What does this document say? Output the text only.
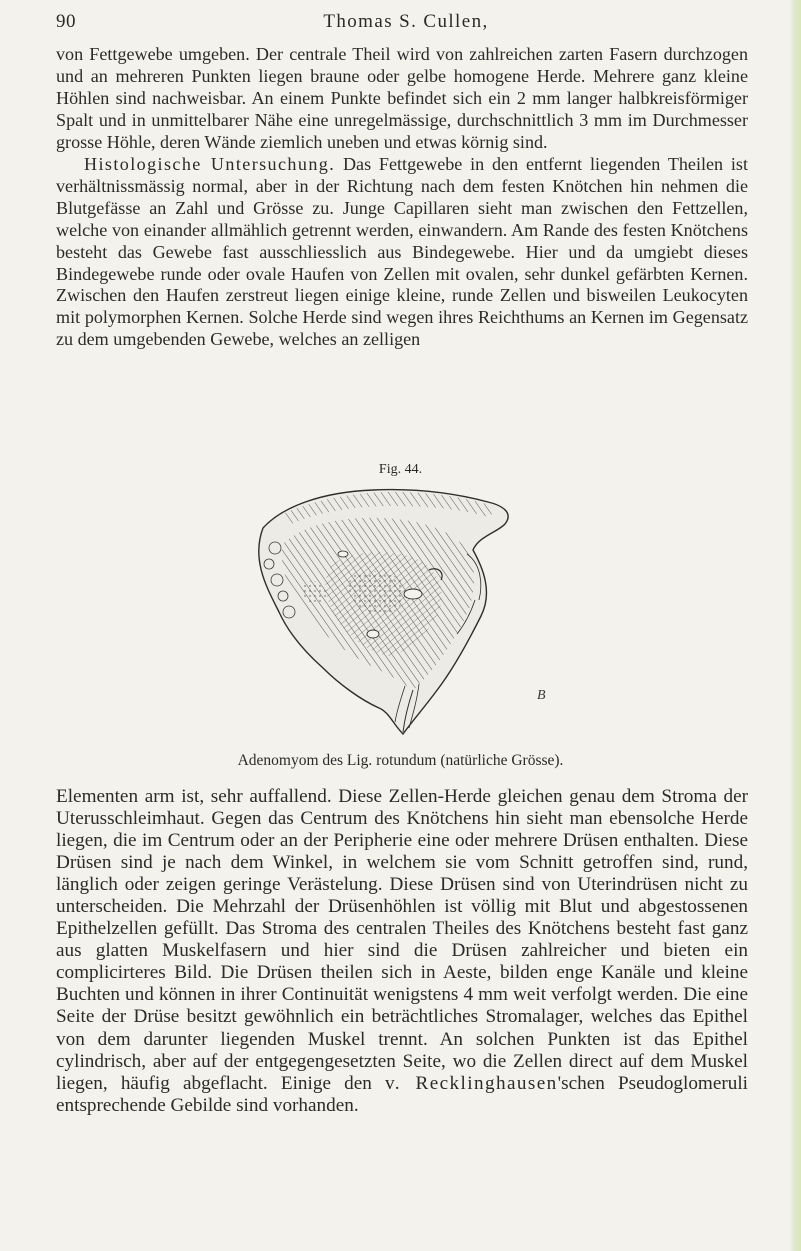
90	Thomas S. Cullen,

von Fettgewebe umgeben. Der centrale Theil wird von zahlreichen zarten Fasern durchzogen und an mehreren Punkten liegen braune oder gelbe homogene Herde. Mehrere ganz kleine Höhlen sind nachweisbar. An einem Punkte befindet sich ein 2 mm langer halbkreisförmiger Spalt und in unmittelbarer Nähe eine unregelmässige, durchschnittlich 3 mm im Durchmesser grosse Höhle, deren Wände ziemlich uneben und etwas körnig sind.

Histologische Untersuchung. Das Fettgewebe in den entfernt liegenden Theilen ist verhältnissmässig normal, aber in der Richtung nach dem festen Knötchen hin nehmen die Blutgefässe an Zahl und Grösse zu. Junge Capillaren sieht man zwischen den Fettzellen, welche von einander allmählich getrennt werden, einwandern. Am Rande des festen Knötchens besteht das Gewebe fast ausschliesslich aus Bindegewebe. Hier und da umgiebt dieses Bindegewebe runde oder ovale Haufen von Zellen mit ovalen, sehr dunkel gefärbten Kernen. Zwischen den Haufen zerstreut liegen einige kleine, runde Zellen und bisweilen Leukocyten mit polymorphen Kernen. Solche Herde sind wegen ihres Reichthums an Kernen im Gegensatz zu dem umgebenden Gewebe, welches an zelligen

Fig. 44.
B
Adenomyom des Lig. rotundum (natürliche Grösse).

Elementen arm ist, sehr auffallend. Diese Zellen-Herde gleichen genau dem Stroma der Uterusschleimhaut. Gegen das Centrum des Knötchens hin sieht man ebensolche Herde liegen, die im Centrum oder an der Peripherie eine oder mehrere Drüsen enthalten. Diese Drüsen sind je nach dem Winkel, in welchem sie vom Schnitt getroffen sind, rund, länglich oder zeigen geringe Verästelung. Diese Drüsen sind von Uterindrüsen nicht zu unterscheiden. Die Mehrzahl der Drüsenhöhlen ist völlig mit Blut und abgestossenen Epithelzellen gefüllt. Das Stroma des centralen Theiles des Knötchens besteht fast ganz aus glatten Muskelfasern und hier sind die Drüsen zahlreicher und bieten ein complicirteres Bild. Die Drüsen theilen sich in Aeste, bilden enge Kanäle und kleine Buchten und können in ihrer Continuität wenigstens 4 mm weit verfolgt werden. Die eine Seite der Drüse besitzt gewöhnlich ein beträchtliches Stromalager, welches das Epithel von dem darunter liegenden Muskel trennt. An solchen Punkten ist das Epithel cylindrisch, aber auf der entgegengesetzten Seite, wo die Zellen direct auf dem Muskel liegen, häufig abgeflacht. Einige den v. Recklinghausen'schen Pseudoglomeruli entsprechende Gebilde sind vorhanden.
